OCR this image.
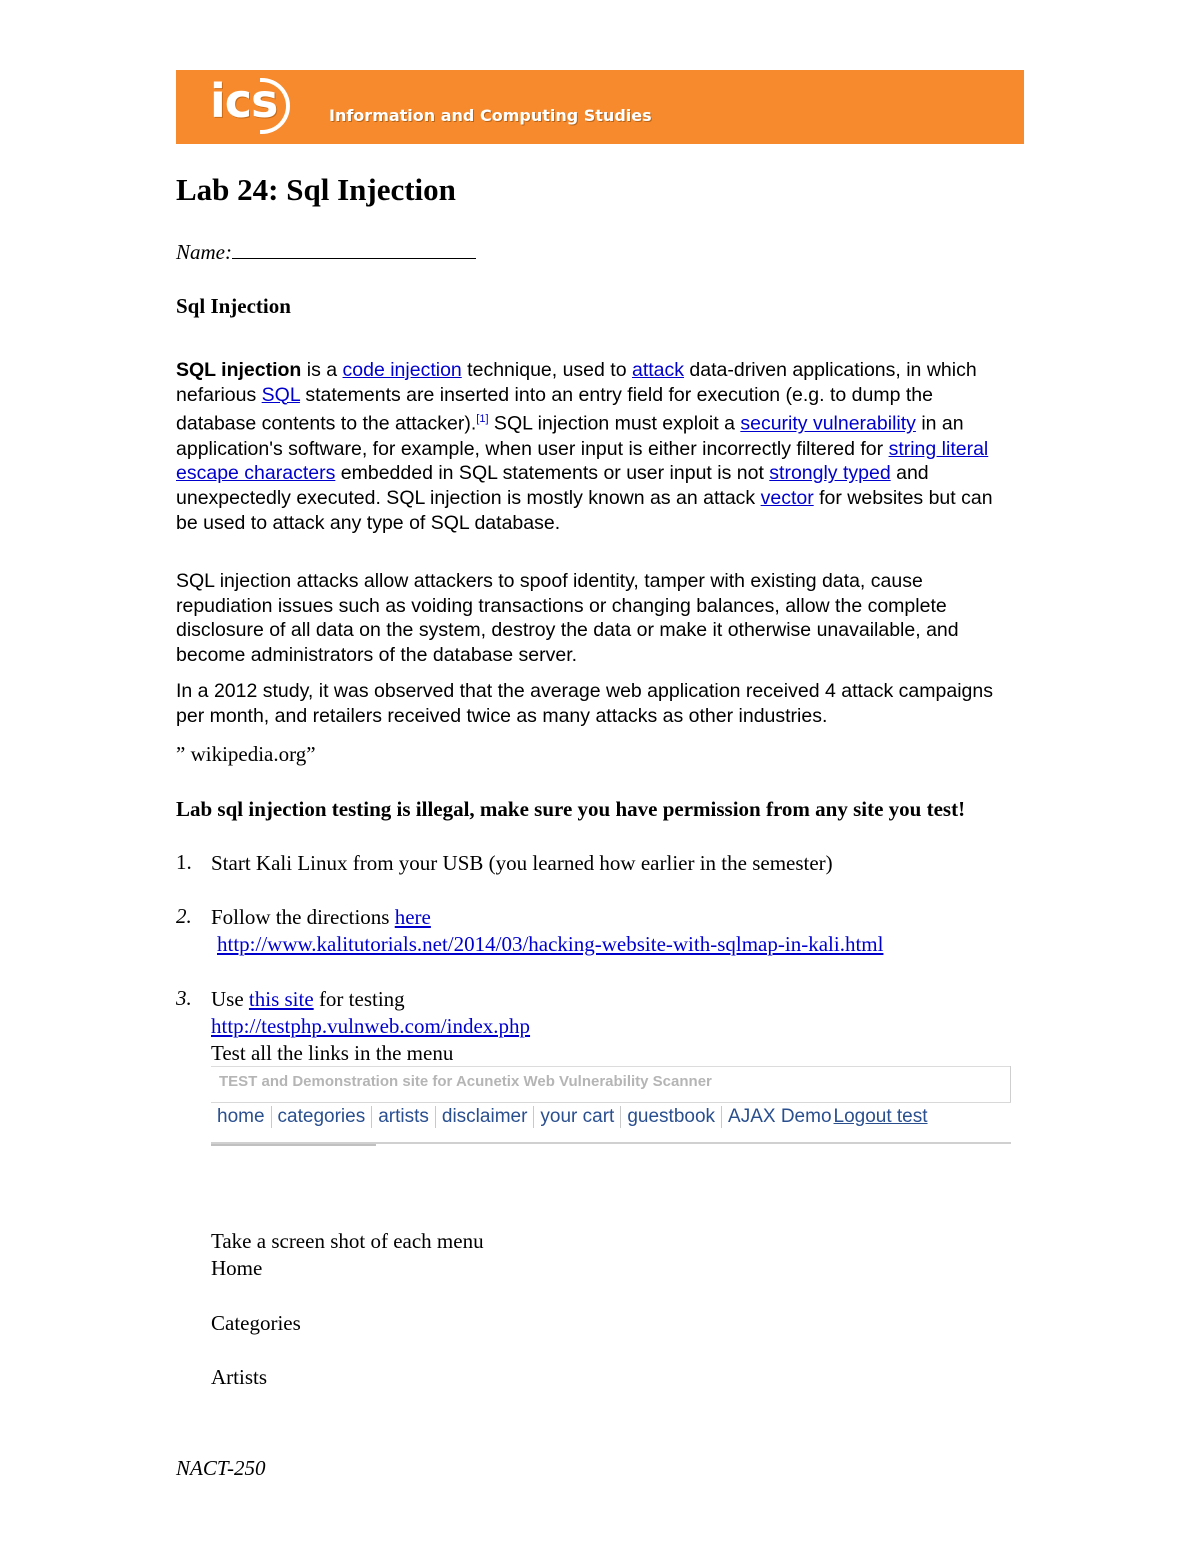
ics	Information and Computing Studies
Lab 24: Sql Injection
Name:
Sql Injection
SQL injection is a code injection technique, used to attack data-driven applications, in which nefarious SQL statements are inserted into an entry field for execution (e.g. to dump the database contents to the attacker).[1] SQL injection must exploit a security vulnerability in an application's software, for example, when user input is either incorrectly filtered for string literal escape characters embedded in SQL statements or user input is not strongly typed and unexpectedly executed. SQL injection is mostly known as an attack vector for websites but can be used to attack any type of SQL database.
SQL injection attacks allow attackers to spoof identity, tamper with existing data, cause repudiation issues such as voiding transactions or changing balances, allow the complete disclosure of all data on the system, destroy the data or make it otherwise unavailable, and become administrators of the database server.
In a 2012 study, it was observed that the average web application received 4 attack campaigns per month, and retailers received twice as many attacks as other industries.
” wikipedia.org”
Lab sql injection testing is illegal, make sure you have permission from any site you test!
1. Start Kali Linux from your USB (you learned how earlier in the semester)
2. Follow the directions here
http://www.kalitutorials.net/2014/03/hacking-website-with-sqlmap-in-kali.html
3. Use this site for testing
http://testphp.vulnweb.com/index.php
Test all the links in the menu
TEST and Demonstration site for Acunetix Web Vulnerability Scanner
home categories artists disclaimer your cart guestbook AJAX Demo Logout test
Take a screen shot of each menu
Home
Categories
Artists
NACT-250
